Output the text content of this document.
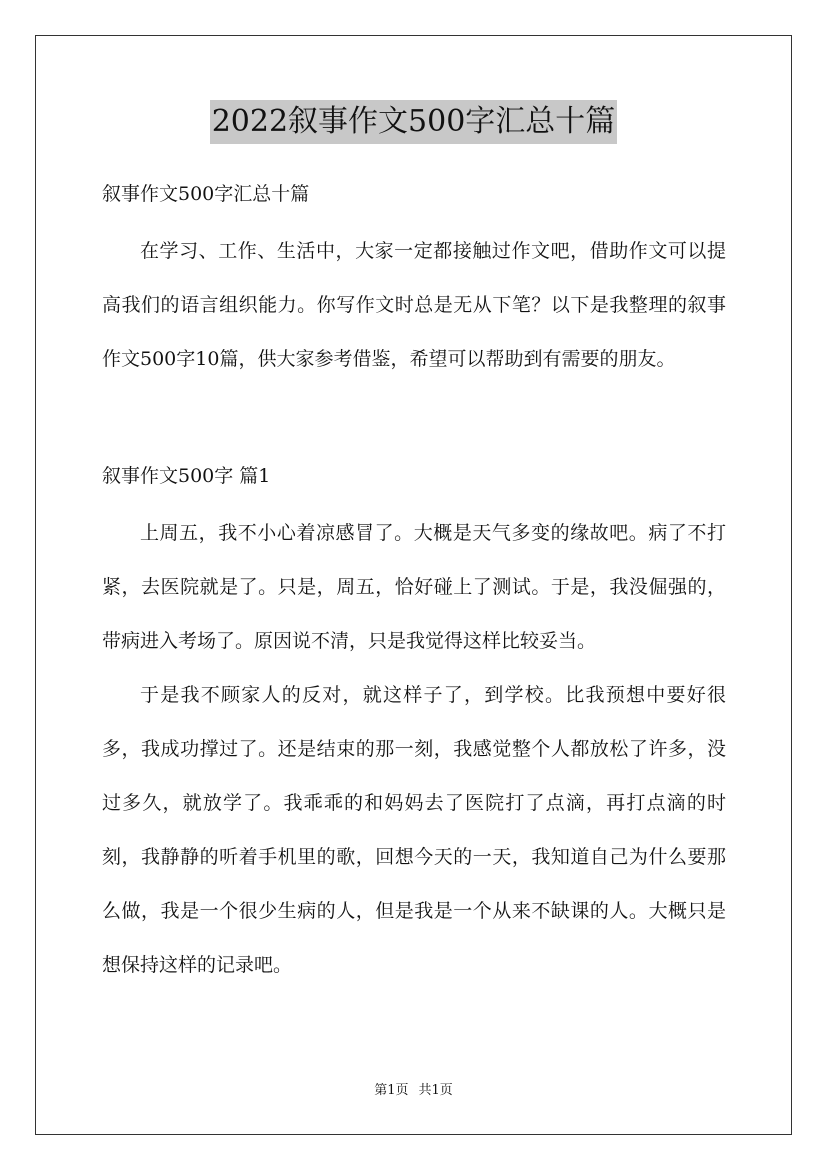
2022叙事作文500字汇总十篇

叙事作文500字汇总十篇

在学习、工作、生活中，大家一定都接触过作文吧，借助作文可以提高我们的语言组织能力。你写作文时总是无从下笔？以下是我整理的叙事作文500字10篇，供大家参考借鉴，希望可以帮助到有需要的朋友。

叙事作文500字 篇1

上周五，我不小心着凉感冒了。大概是天气多变的缘故吧。病了不打紧，去医院就是了。只是，周五，恰好碰上了测试。于是，我没倔强的，带病进入考场了。原因说不清，只是我觉得这样比较妥当。

于是我不顾家人的反对，就这样子了，到学校。比我预想中要好很多，我成功撑过了。还是结束的那一刻，我感觉整个人都放松了许多，没过多久，就放学了。我乖乖的和妈妈去了医院打了点滴，再打点滴的时刻，我静静的听着手机里的歌，回想今天的一天，我知道自己为什么要那么做，我是一个很少生病的人，但是我是一个从来不缺课的人。大概只是想保持这样的记录吧。

第1页 共1页
